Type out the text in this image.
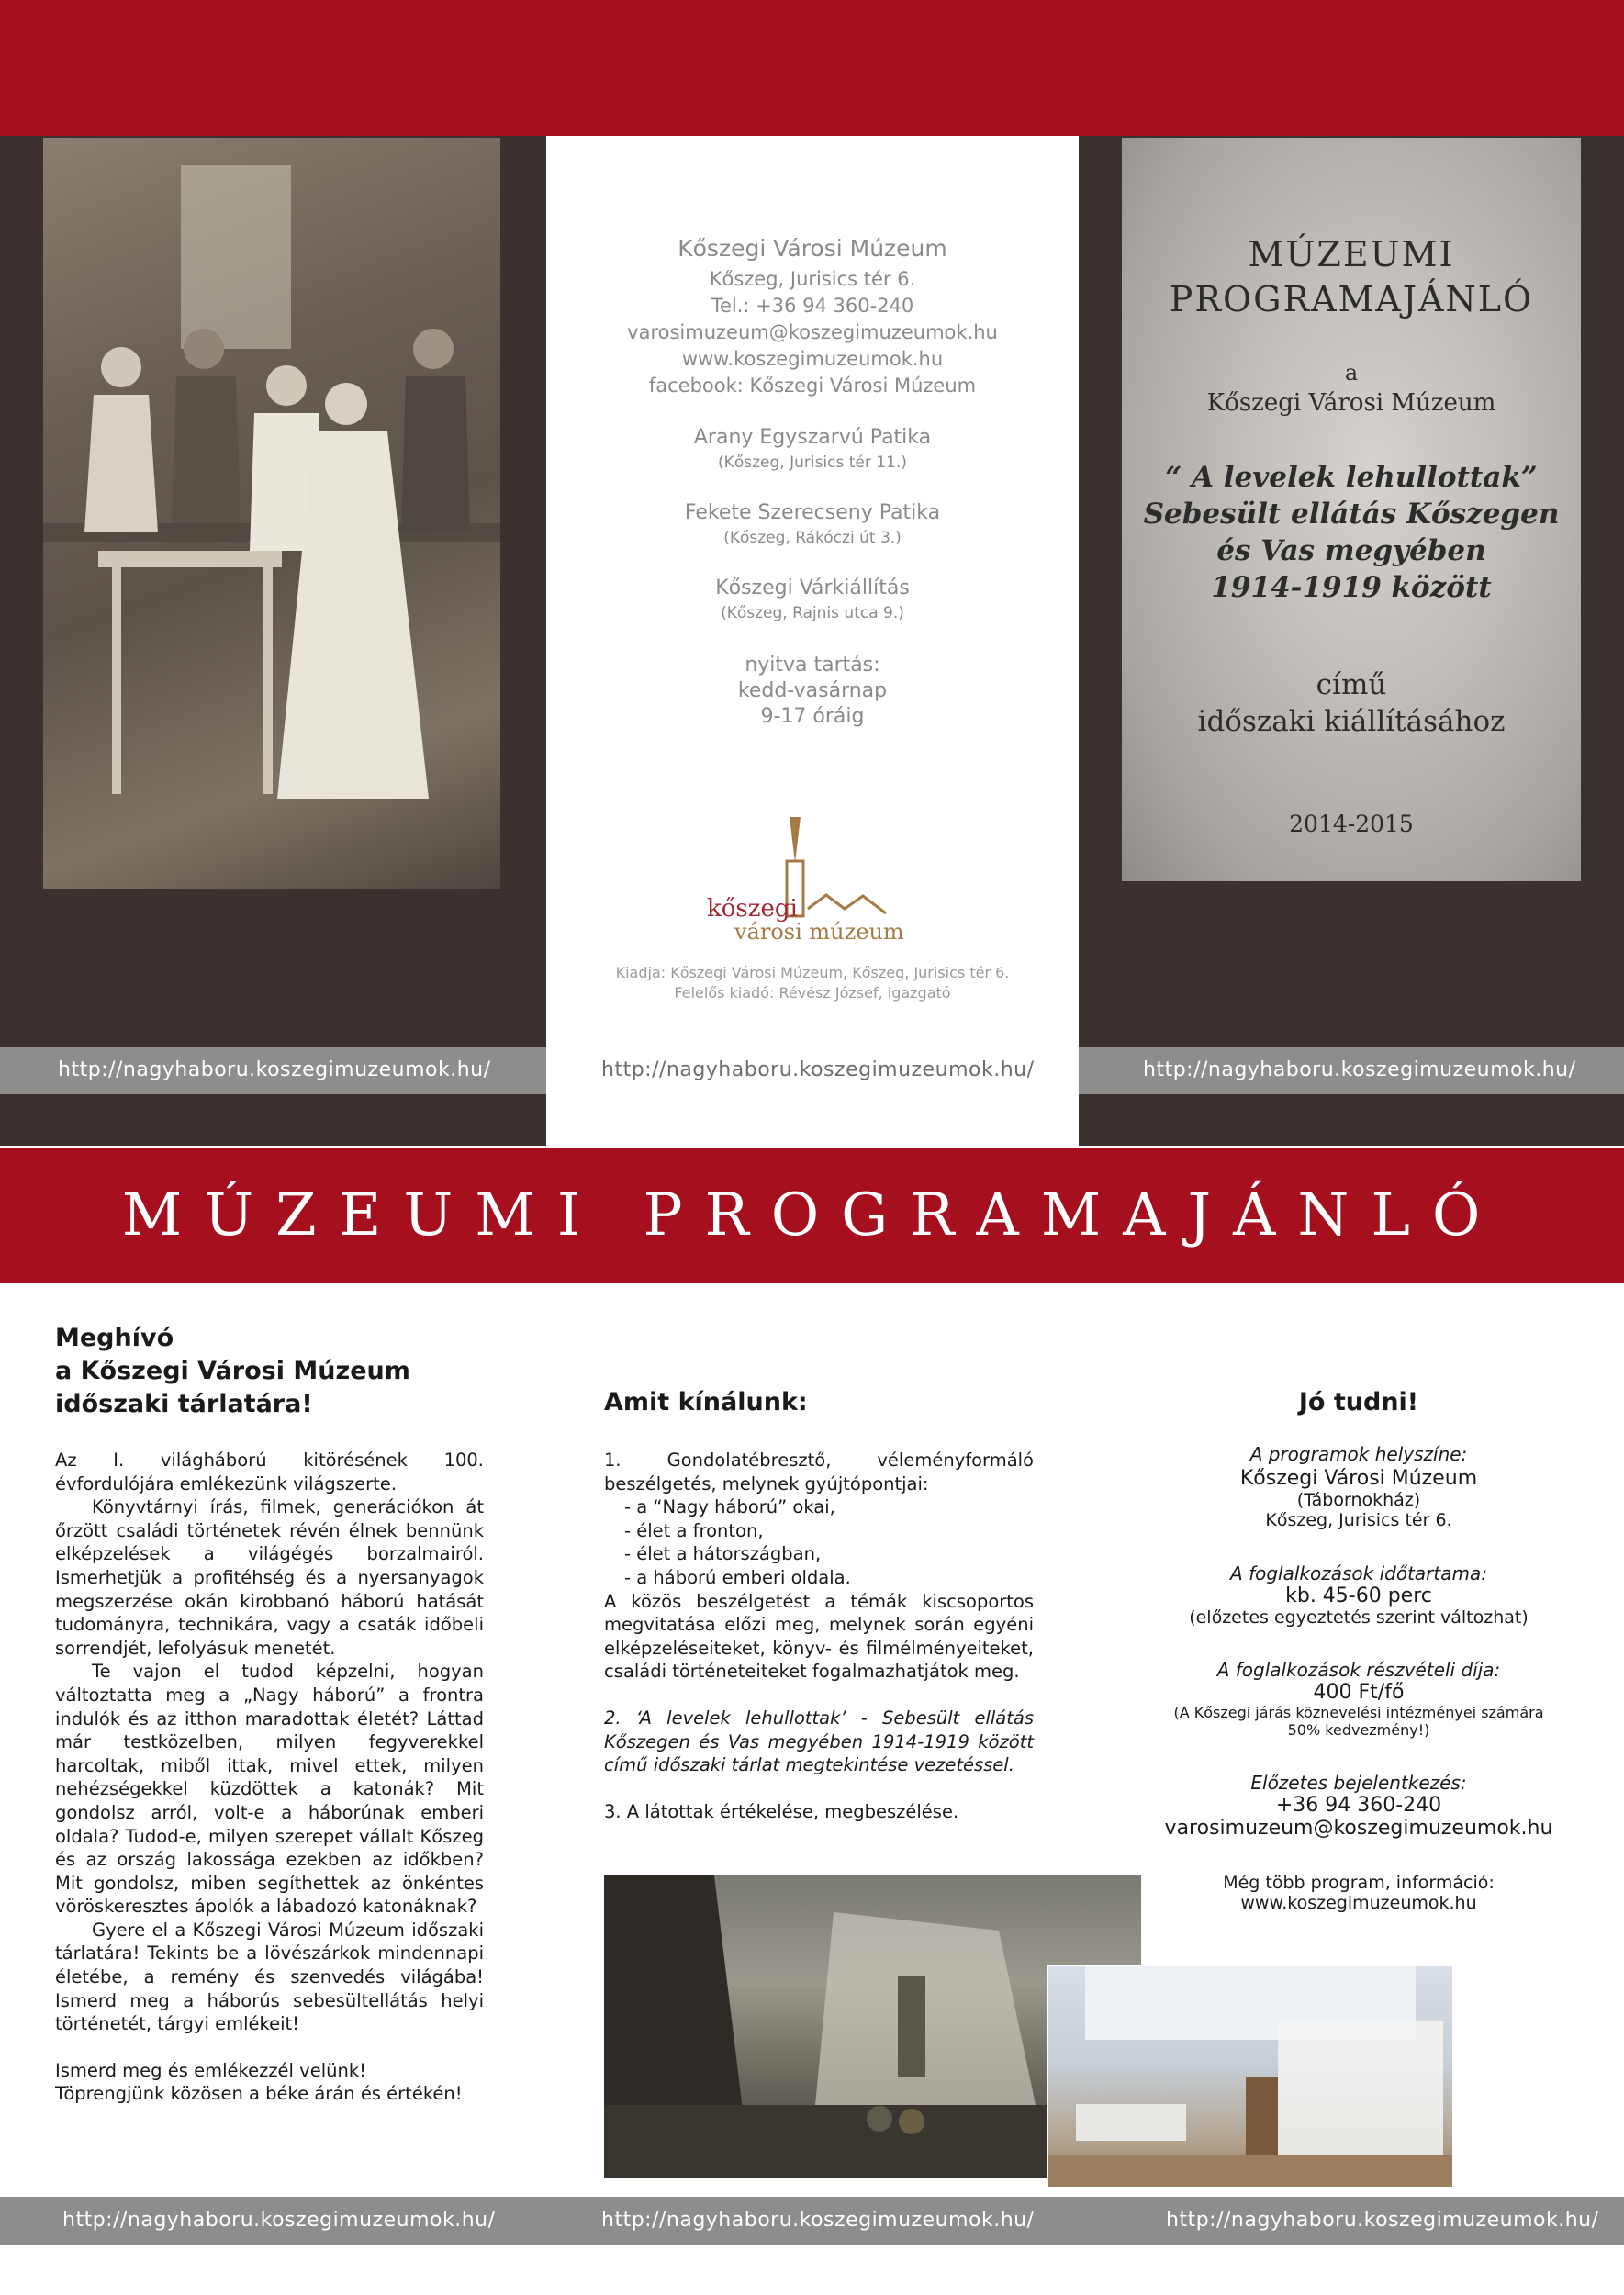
MÚZEUMI
PROGRAMAJÁNLÓ
a
Kőszegi Városi Múzeum
“ A levelek lehullottak”
Sebesült ellátás Kőszegen
és Vas megyében
1914-1919 között
című
időszaki kiállításához
2014-2015
Kőszegi Városi Múzeum
Kőszeg, Jurisics tér 6.
Tel.: +36 94 360-240
varosimuzeum@koszegimuzeumok.hu
www.koszegimuzeumok.hu
facebook: Kőszegi Városi Múzeum
Arany Egyszarvú Patika
(Kőszeg, Jurisics tér 11.)
Fekete Szerecseny Patika
(Kőszeg, Rákóczi út 3.)
Kőszegi Várkiállítás
(Kőszeg, Rajnis utca 9.)
nyitva tartás:
kedd-vasárnap
9-17 óráig
kőszegi
városi múzeum
Kiadja: Kőszegi Városi Múzeum, Kőszeg, Jurisics tér 6.
Felelős kiadó: Révész József, igazgató
http://nagyhaboru.koszegimuzeumok.hu/	http://nagyhaboru.koszegimuzeumok.hu/	http://nagyhaboru.koszegimuzeumok.hu/
MÚZEUMI PROGRAMAJÁNLÓ
Meghívó
a Kőszegi Városi Múzeum
időszaki tárlatára!

Az I. világháború kitörésének 100. évfordulójára emlékezünk világszerte.

Könyvtárnyi írás, filmek, generációkon át őrzött családi történetek révén élnek bennünk elképzelések a világégés borzalmairól. Ismerhetjük a profitéhség és a nyersanyagok megszerzése okán kirobbanó háború hatását tudományra, technikára, vagy a csaták időbeli sorrendjét, lefolyásuk menetét.

Te vajon el tudod képzelni, hogyan változtatta meg a „Nagy háború” a frontra indulók és az itthon maradottak életét? Láttad már testközelben, milyen fegyverekkel harcoltak, miből ittak, mivel ettek, milyen nehézségekkel küzdöttek a katonák? Mit gondolsz arról, volt-e a háborúnak emberi oldala? Tudod-e, milyen szerepet vállalt Kőszeg és az ország lakossága ezekben az időkben? Mit gondolsz, miben segíthettek az önkéntes vöröskeresztes ápolók a lábadozó katonáknak?

Gyere el a Kőszegi Városi Múzeum időszaki tárlatára! Tekints be a lövészárkok mindennapi életébe, a remény és szenvedés világába! Ismerd meg a háborús sebesültellátás helyi történetét, tárgyi emlékeit!

Ismerd meg és emlékezzél velünk!

Töprengjünk közösen a béke árán és értékén!

Amit kínálunk:

1. Gondolatébresztő, véleményformáló beszélgetés, melynek gyújtópontjai:

- a “Nagy háború” okai,

- élet a fronton,

- élet a hátországban,

- a háború emberi oldala.

A közös beszélgetést a témák kiscsoportos megvitatása előzi meg, melynek során egyéni elképzeléseiteket, könyv- és filmélményeiteket, családi történeteiteket fogalmazhatjátok meg.

2. ‘A levelek lehullottak’ - Sebesült ellátás Kőszegen és Vas megyében 1914-1919 között című időszaki tárlat megtekintése vezetéssel.

3. A látottak értékelése, megbeszélése.

Jó tudni!
A programok helyszíne:
Kőszegi Városi Múzeum
(Tábornokház)
Kőszeg, Jurisics tér 6.
A foglalkozások időtartama:
kb. 45-60 perc
(előzetes egyeztetés szerint változhat)
A foglalkozások részvételi díja:
400 Ft/fő
(A Kőszegi járás köznevelési intézményei számára
50% kedvezmény!)
Előzetes bejelentkezés:
+36 94 360-240
varosimuzeum@koszegimuzeumok.hu
Még több program, információ:
www.koszegimuzeumok.hu
http://nagyhaboru.koszegimuzeumok.hu/	http://nagyhaboru.koszegimuzeumok.hu/	http://nagyhaboru.koszegimuzeumok.hu/
